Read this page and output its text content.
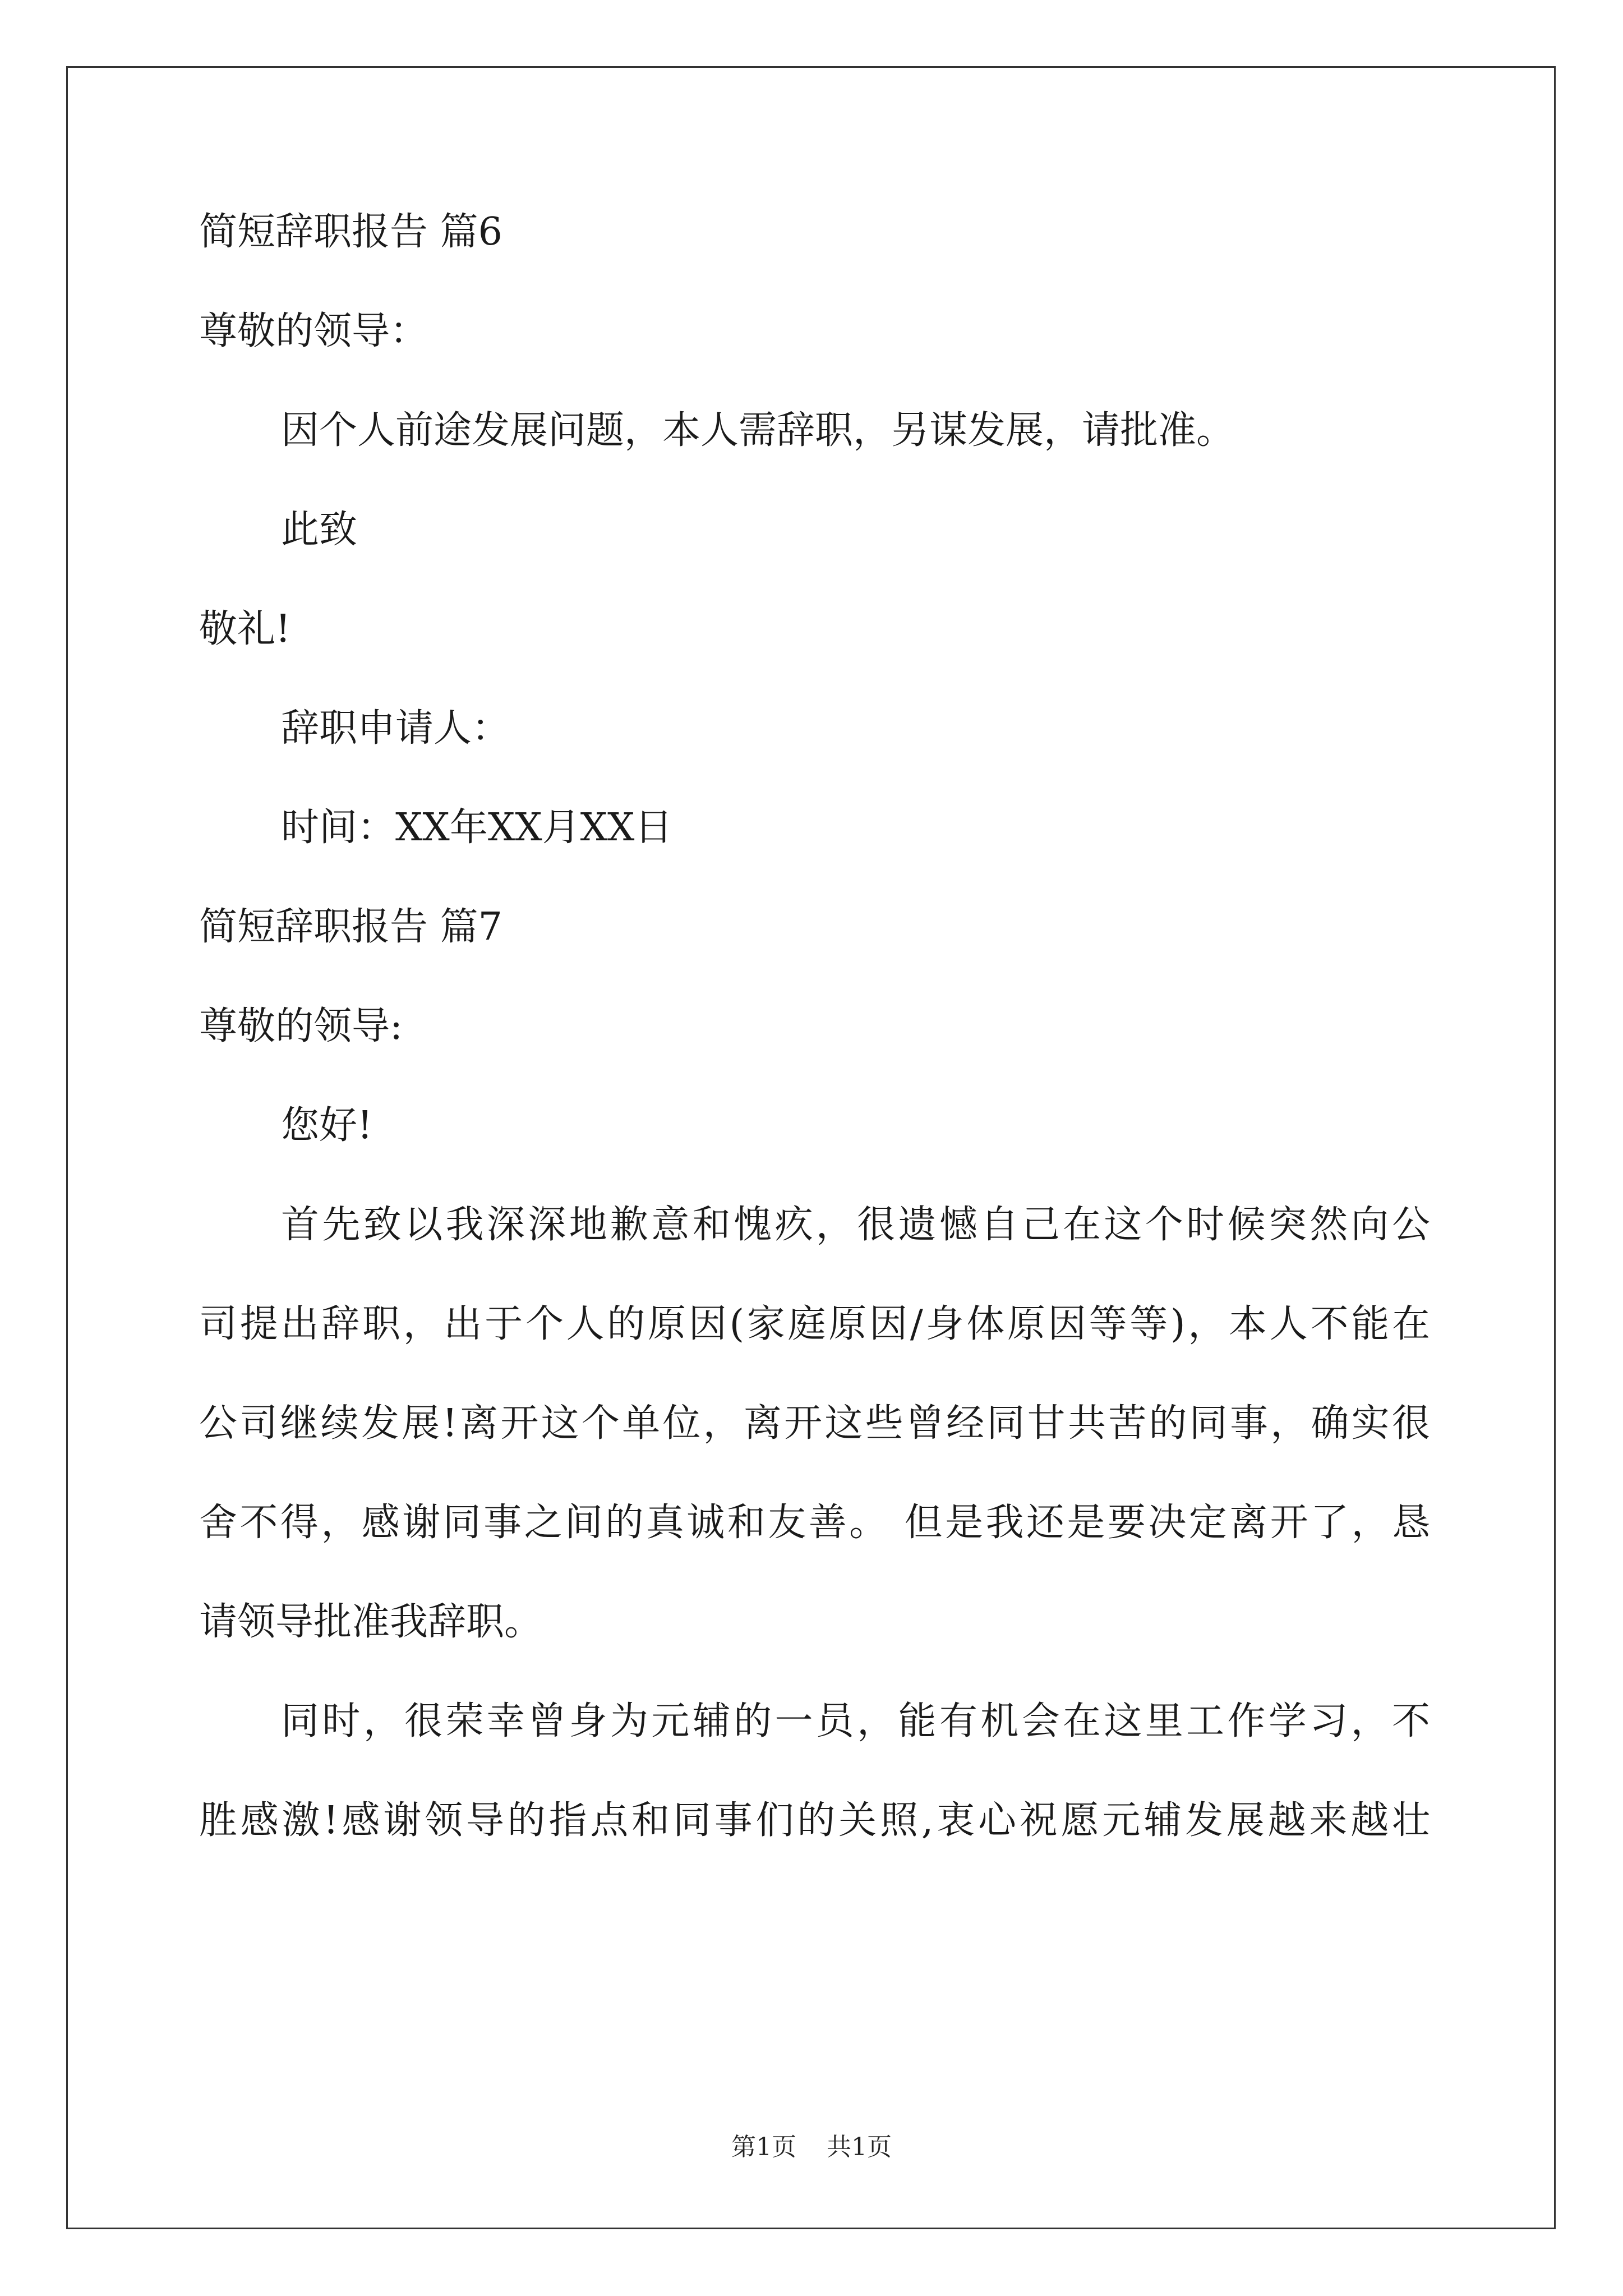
简短辞职报告 篇6

尊敬的领导：

因个人前途发展问题，本人需辞职，另谋发展，请批准。

此致

敬礼!

辞职申请人：

时间：XX年XX月XX日

简短辞职报告 篇7

尊敬的领导:

您好!

首先致以我深深地歉意和愧疚，很遗憾自己在这个时候突然向公

司提出辞职，出于个人的原因(家庭原因/身体原因等等)，本人不能在

公司继续发展!离开这个单位，离开这些曾经同甘共苦的同事，确实很

舍不得，感谢同事之间的真诚和友善。 但是我还是要决定离开了，恳

请领导批准我辞职。

同时，很荣幸曾身为元辅的一员，能有机会在这里工作学习，不

胜感激!感谢领导的指点和同事们的关照,衷心祝愿元辅发展越来越壮

第1页 共1页
